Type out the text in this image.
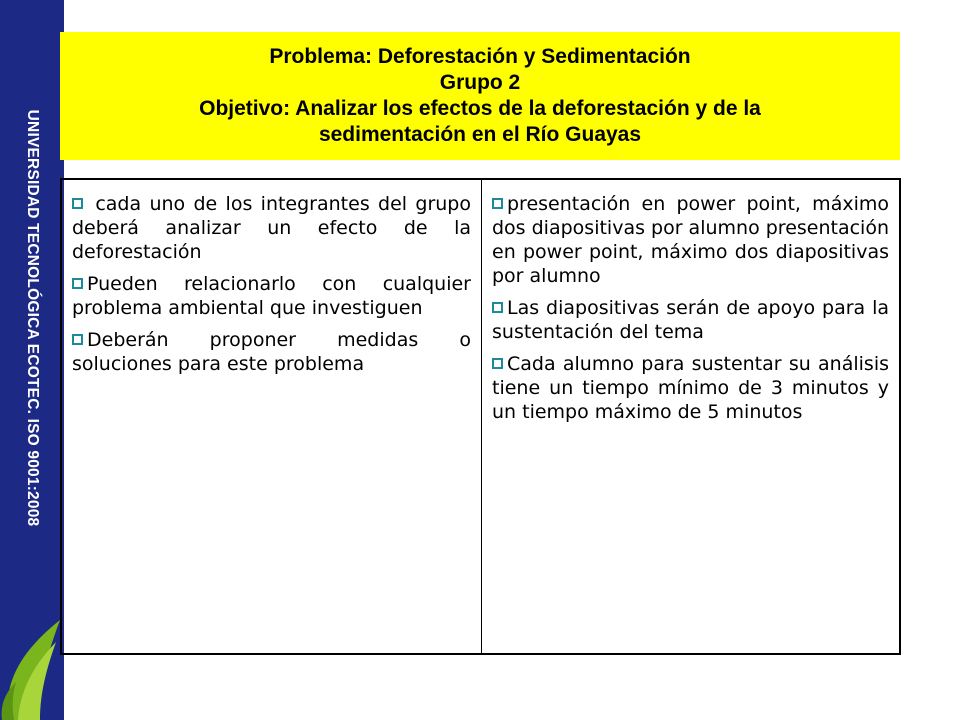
UNIVERSIDAD TECNOLÓGICA ECOTEC. ISO 9001:2008
Problema: Deforestación y Sedimentación
Grupo 2
Objetivo: Analizar los efectos de la deforestación y de la
sedimentación en el Río Guayas

cada uno de los integrantes del grupo deberá analizar un efecto de la deforestación

Pueden relacionarlo con cualquier problema ambiental que investiguen

Deberán proponer medidas o soluciones para este problema

presentación en power point, máximo dos diapositivas por alumno presentación en power point, máximo dos diapositivas por alumno

Las diapositivas serán de apoyo para la sustentación del tema

Cada alumno para sustentar su análisis tiene un tiempo mínimo de 3 minutos y un tiempo máximo de 5 minutos
